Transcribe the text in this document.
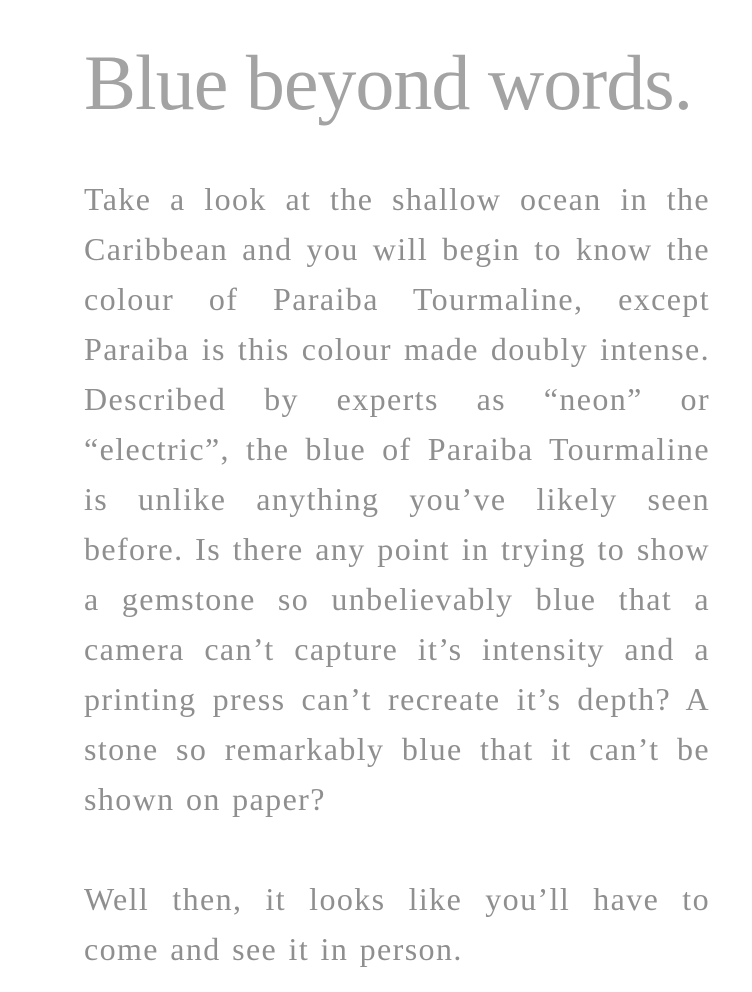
Blue beyond words.

Take a look at the shallow ocean in the Caribbean and you will begin to know the colour of Paraiba Tourmaline, except Paraiba is this colour made doubly intense. Described by experts as “neon” or “electric”, the blue of Paraiba Tourmaline is unlike anything you’ve likely seen before. Is there any point in trying to show a gemstone so unbelievably blue that a camera can’t capture it’s intensity and a printing press can’t recreate it’s depth? A stone so remarkably blue that it can’t be shown on paper?

Well then, it looks like you’ll have to come and see it in person.
